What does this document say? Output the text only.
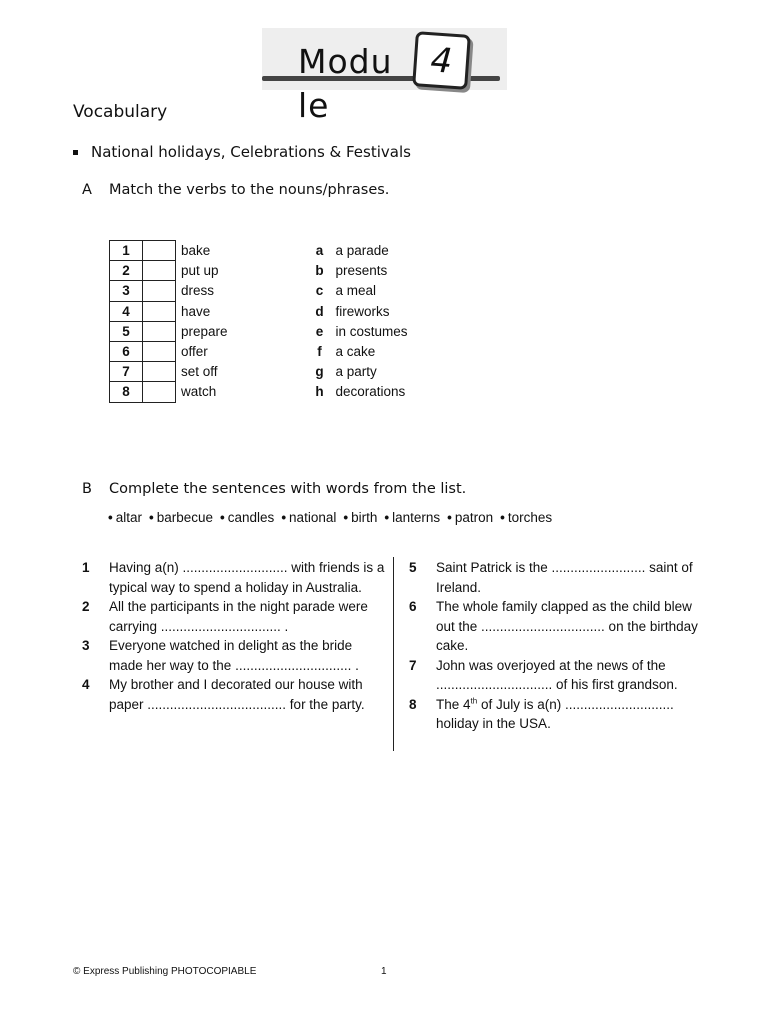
Module
4
Vocabulary
National holidays, Celebrations & Festivals
A	Match the verbs to the nouns/phrases.
1		bake	a	a parade
2		put up	b	presents
3		dress	c	a meal
4		have	d	fireworks
5		prepare	e	in costumes
6		offer	f	a cake
7		set off	g	a party
8		watch	h	decorations
B	Complete the sentences with words from the list.
• altar • barbecue • candles • national • birth • lanterns • patron • torches
1	Having a(n) ............................ with friends is a typical way to spend a holiday in Australia.
2	All the participants in the night parade were carrying ................................ .
3	Everyone watched in delight as the bride made her way to the ............................... .
4	My brother and I decorated our house with paper ..................................... for the party.
5	Saint Patrick is the ......................... saint of Ireland.
6	The whole family clapped as the child blew out the ................................. on the birthday cake.
7	John was overjoyed at the news of the ............................... of his first grandson.
8	The 4th of July is a(n) ............................. holiday in the USA.
© Express Publishing PHOTOCOPIABLE	1
